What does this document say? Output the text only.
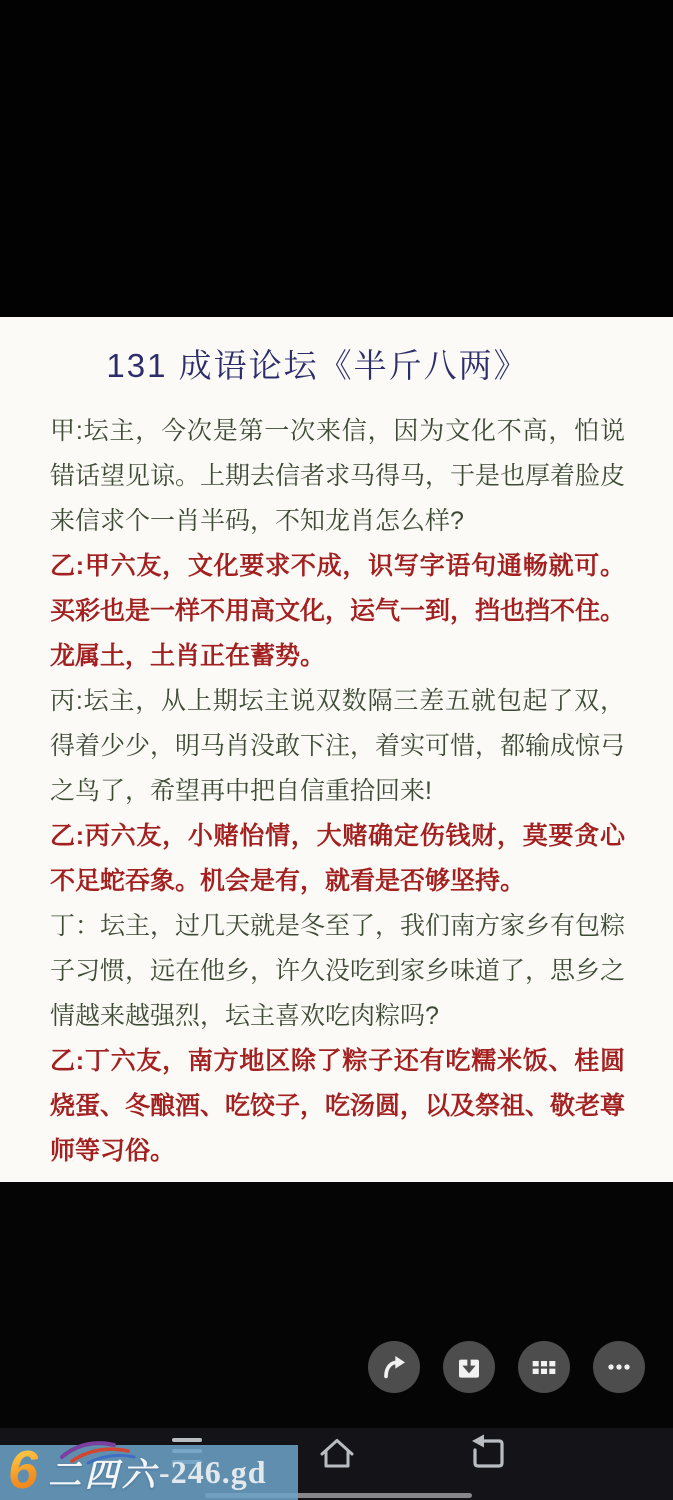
131 成语论坛《半斤八两》

甲:坛主，今次是第一次来信，因为文化不高，怕说错话望见谅。上期去信者求马得马，于是也厚着脸皮来信求个一肖半码，不知龙肖怎么样?

乙:甲六友，文化要求不成，识写字语句通畅就可。买彩也是一样不用高文化，运气一到，挡也挡不住。龙属土，土肖正在蓄势。

丙:坛主，从上期坛主说双数隔三差五就包起了双，得着少少，明马肖没敢下注，着实可惜，都输成惊弓之鸟了，希望再中把自信重拾回来!

乙:丙六友，小赌怡情，大赌确定伤钱财，莫要贪心不足蛇吞象。机会是有，就看是否够坚持。

丁：坛主，过几天就是冬至了，我们南方家乡有包粽子习惯，远在他乡，许久没吃到家乡味道了，思乡之情越来越强烈，坛主喜欢吃肉粽吗?

乙:丁六友，南方地区除了粽子还有吃糯米饭、桂圆烧蛋、冬酿酒、吃饺子，吃汤圆，以及祭祖、敬老尊师等习俗。

6 二四六 -246.gd
